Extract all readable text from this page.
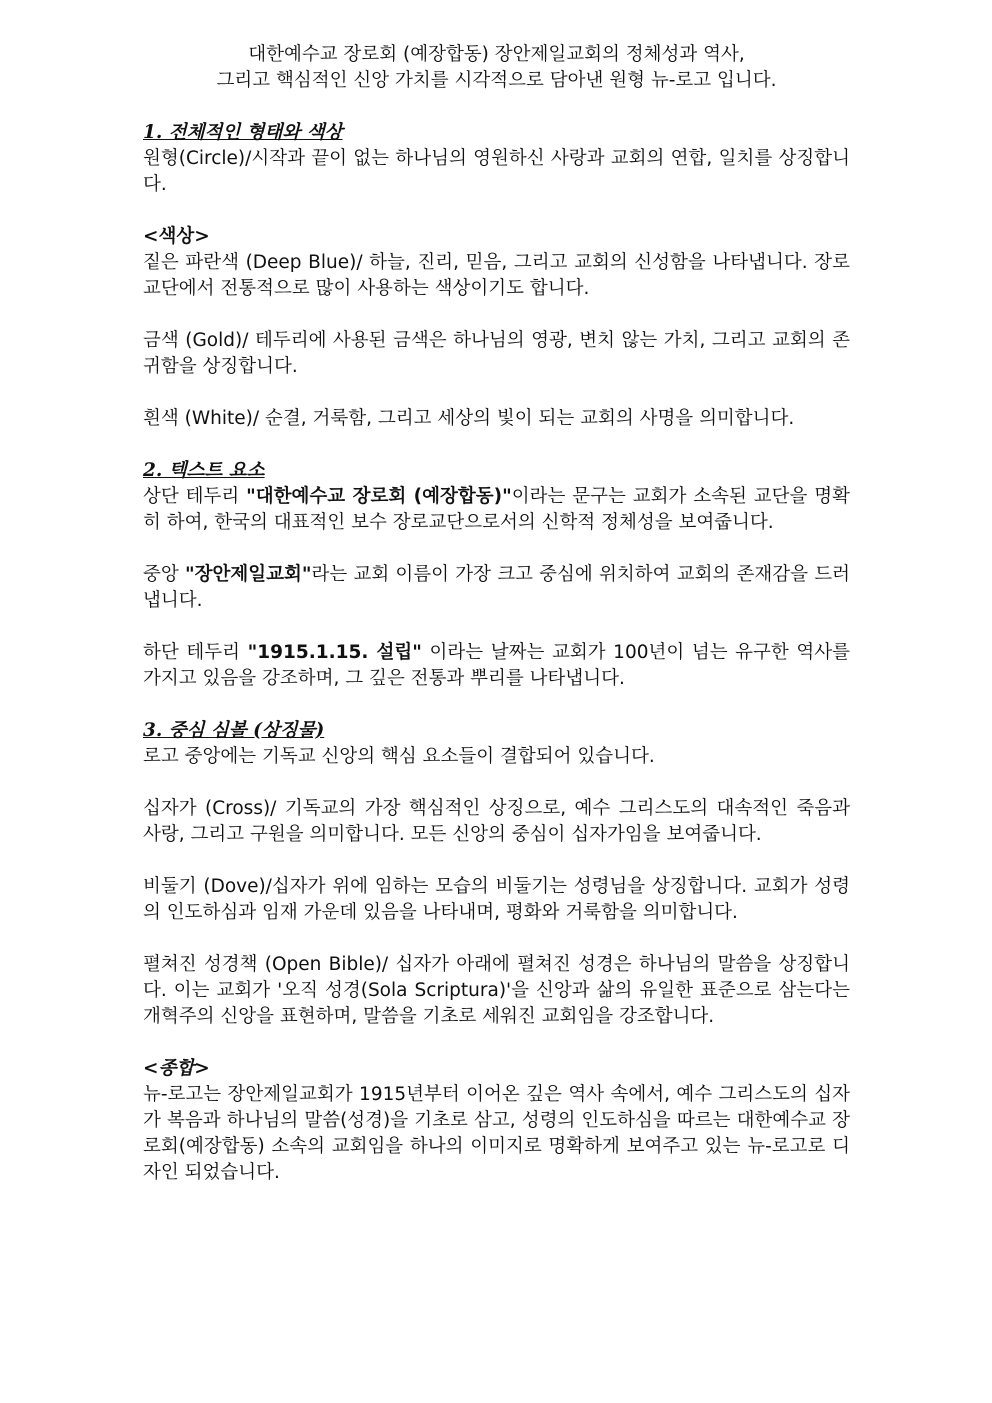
대한예수교 장로회 (예장합동) 장안제일교회의 정체성과 역사,
그리고 핵심적인 신앙 가치를 시각적으로 담아낸 원형 뉴-로고 입니다.
1. 전체적인 형태와 색상

원형(Circle)/시작과 끝이 없는 하나님의 영원하신 사랑과 교회의 연합, 일치를 상징합니다.

<색상>

짙은 파란색 (Deep Blue)/ 하늘, 진리, 믿음, 그리고 교회의 신성함을 나타냅니다. 장로교단에서 전통적으로 많이 사용하는 색상이기도 합니다.

금색 (Gold)/ 테두리에 사용된 금색은 하나님의 영광, 변치 않는 가치, 그리고 교회의 존귀함을 상징합니다.

흰색 (White)/ 순결, 거룩함, 그리고 세상의 빛이 되는 교회의 사명을 의미합니다.

2. 텍스트 요소

상단 테두리 "대한예수교 장로회 (예장합동)"이라는 문구는 교회가 소속된 교단을 명확히 하여, 한국의 대표적인 보수 장로교단으로서의 신학적 정체성을 보여줍니다.

중앙 "장안제일교회"라는 교회 이름이 가장 크고 중심에 위치하여 교회의 존재감을 드러냅니다.

하단 테두리 "1915.1.15. 설립" 이라는 날짜는 교회가 100년이 넘는 유구한 역사를 가지고 있음을 강조하며, 그 깊은 전통과 뿌리를 나타냅니다.

3. 중심 심볼 (상징물)

로고 중앙에는 기독교 신앙의 핵심 요소들이 결합되어 있습니다.

십자가 (Cross)/ 기독교의 가장 핵심적인 상징으로, 예수 그리스도의 대속적인 죽음과 사랑, 그리고 구원을 의미합니다. 모든 신앙의 중심이 십자가임을 보여줍니다.

비둘기 (Dove)/십자가 위에 임하는 모습의 비둘기는 성령님을 상징합니다. 교회가 성령의 인도하심과 임재 가운데 있음을 나타내며, 평화와 거룩함을 의미합니다.

펼쳐진 성경책 (Open Bible)/ 십자가 아래에 펼쳐진 성경은 하나님의 말씀을 상징합니다. 이는 교회가 '오직 성경(Sola Scriptura)'을 신앙과 삶의 유일한 표준으로 삼는다는 개혁주의 신앙을 표현하며, 말씀을 기초로 세워진 교회임을 강조합니다.

<종합>

뉴-로고는 장안제일교회가 1915년부터 이어온 깊은 역사 속에서, 예수 그리스도의 십자가 복음과 하나님의 말씀(성경)을 기초로 삼고, 성령의 인도하심을 따르는 대한예수교 장로회(예장합동) 소속의 교회임을 하나의 이미지로 명확하게 보여주고 있는 뉴-로고로 디자인 되었습니다.
